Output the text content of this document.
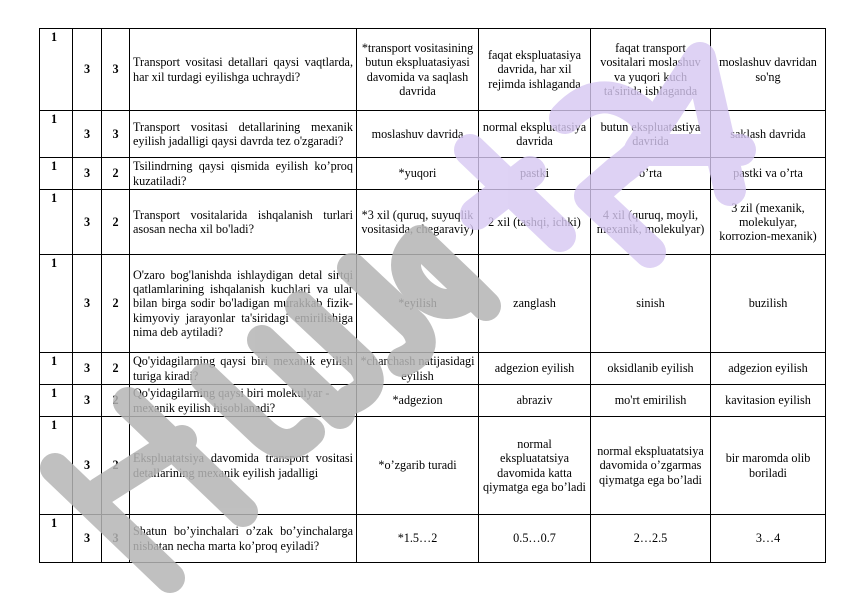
1	3	3	Transport vositasi detallari qaysi vaqtlarda, har xil turdagi eyilishga uchraydi?	*transport vositasining butun ekspluatasiyasi davomida va saqlash davrida	faqat ekspluatasiya davrida, har xil rejimda ishlaganda	faqat transport vositalari moslashuv va yuqori kuch ta'sirida ishlaganda	moslashuv davridan so'ng
1	3	3	Transport vositasi detallarining mexanik eyilish jadalligi qaysi davrda tez o'zgaradi?	moslashuv davrida	normal ekspluatasiya davrida	butun ekspluatastiya davrida	saklash davrida
1	3	2	Tsilindrning qaysi qismida eyilish ko’proq kuzatiladi?	*yuqori	pastki	o’rta	pastki va o’rta
1	3	2	Transport vositalarida ishqalanish turlari asosan necha xil bo'ladi?	*3 xil (quruq, suyuqlik vositasida, chegaraviy)	2 xil (tashqi, ichki)	4 xil (quruq, moyli, mexanik, molekulyar)	3 zil (mexanik, molekulyar, korrozion-mexanik)
1	3	2	O'zaro bog'lanishda ishlaydigan detal sirtqi qatlamlarining ishqalanish kuchlari va ular bilan birga sodir bo'ladigan murakkab fizik-kimyoviy jarayonlar ta'siridagi emirilishiga nima deb aytiladi?	*eyilish	zanglash	sinish	buzilish
1	3	2	Qo'yidagilarning qaysi biri mexanik eyilish turiga kiradi?	*charchash natijasidagi eyilish	adgezion eyilish	oksidlanib eyilish	adgezion eyilish
1	3	2	Qo'yidagilarning qaysi biri molekulyar - mexanik eyilish hisoblanadi?	*adgezion	abraziv	mo'rt emirilish	kavitasion eyilish
1	3	2	Ekspluatatsiya davomida transport vositasi detallarining mexanik eyilish jadalligi	*o’zgarib turadi	normal ekspluatatsiya davomida katta qiymatga ega bo’ladi	normal ekspluatatsiya davomida o’zgarmas qiymatga ega bo’ladi	bir maromda olib boriladi
1	3	3	Shatun bo’yinchalari o’zak bo’yinchalarga nisbatan necha marta ko’proq eyiladi?	*1.5…2	0.5…0.7	2…2.5	3…4
